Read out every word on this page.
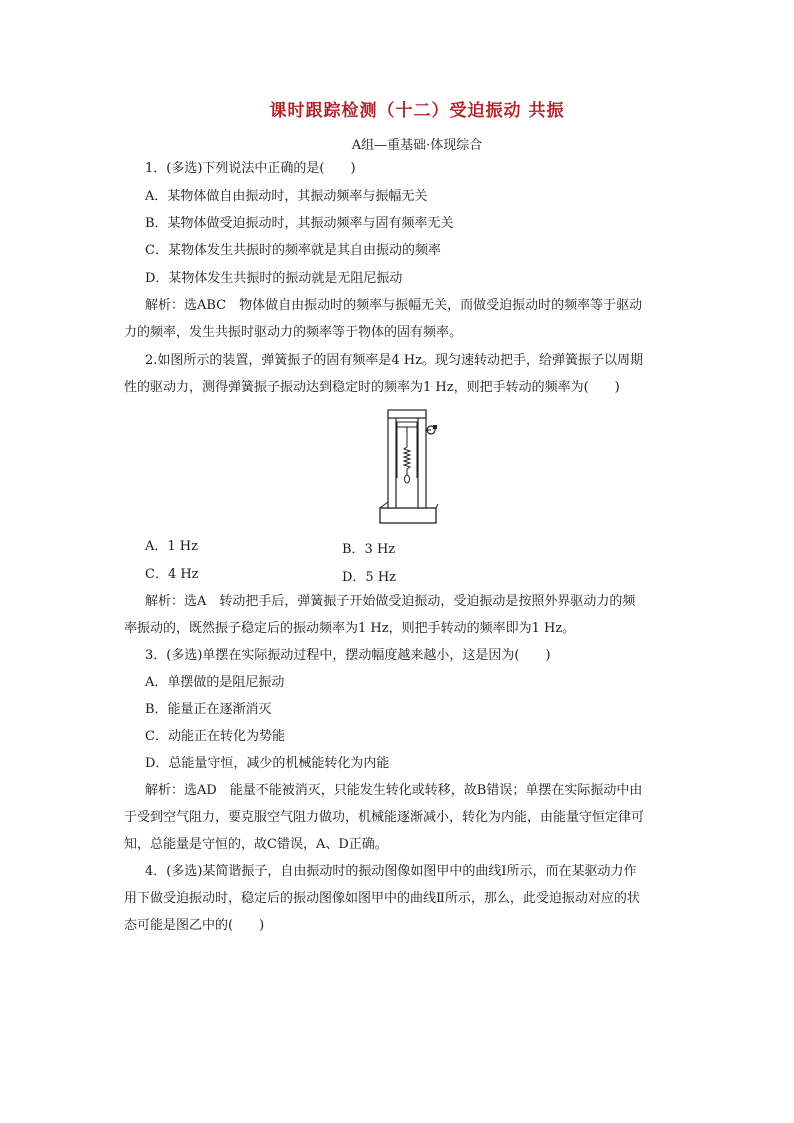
课时跟踪检测（十二）受迫振动 共振
A组—重基础·体现综合
1．(多选)下列说法中正确的是(　　)
A．某物体做自由振动时，其振动频率与振幅无关
B．某物体做受迫振动时，其振动频率与固有频率无关
C．某物体发生共振时的频率就是其自由振动的频率
D．某物体发生共振时的振动就是无阻尼振动
解析：选ABC　物体做自由振动时的频率与振幅无关，而做受迫振动时的频率等于驱动
力的频率，发生共振时驱动力的频率等于物体的固有频率。
2.如图所示的装置，弹簧振子的固有频率是4 Hz。现匀速转动把手，给弹簧振子以周期
性的驱动力，测得弹簧振子振动达到稳定时的频率为1 Hz，则把手转动的频率为(　　)
A．1 Hz	B．3 Hz
C．4 Hz	D．5 Hz
解析：选A　转动把手后，弹簧振子开始做受迫振动，受迫振动是按照外界驱动力的频
率振动的，既然振子稳定后的振动频率为1 Hz，则把手转动的频率即为1 Hz。
3．(多选)单摆在实际振动过程中，摆动幅度越来越小，这是因为(　　)
A．单摆做的是阻尼振动
B．能量正在逐渐消灭
C．动能正在转化为势能
D．总能量守恒，减少的机械能转化为内能
解析：选AD　能量不能被消灭，只能发生转化或转移，故B错误；单摆在实际振动中由
于受到空气阻力，要克服空气阻力做功，机械能逐渐减小，转化为内能，由能量守恒定律可
知，总能量是守恒的，故C错误，A、D正确。
4．(多选)某简谐振子，自由振动时的振动图像如图甲中的曲线Ⅰ所示，而在某驱动力作
用下做受迫振动时，稳定后的振动图像如图甲中的曲线Ⅱ所示，那么，此受迫振动对应的状
态可能是图乙中的(　　)
